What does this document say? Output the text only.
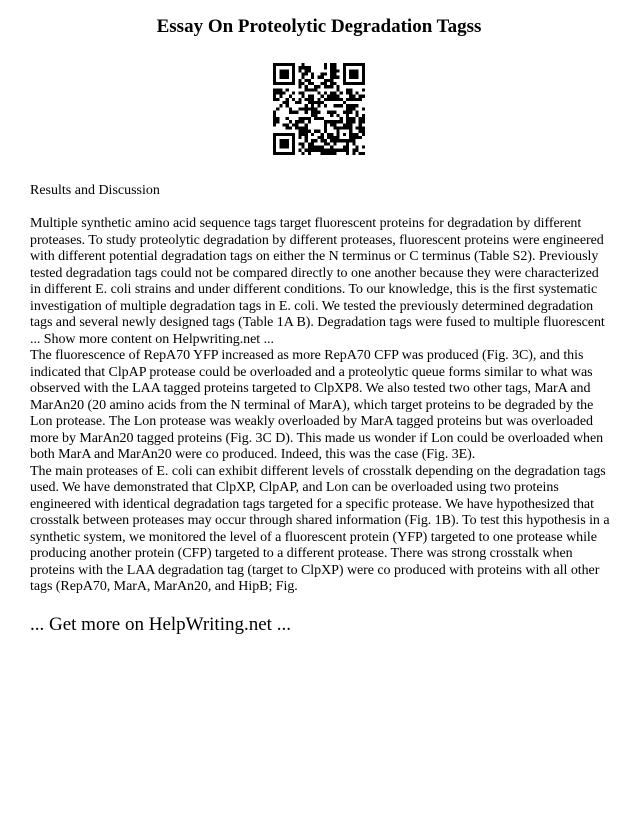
Essay On Proteolytic Degradation Tagss
Results and Discussion

Multiple synthetic amino acid sequence tags target fluorescent proteins for degradation by different proteases. To study proteolytic degradation by different proteases, fluorescent proteins were engineered with different potential degradation tags on either the N terminus or C terminus (Table S2). Previously tested degradation tags could not be compared directly to one another because they were characterized in different E. coli strains and under different conditions. To our knowledge, this is the first systematic investigation of multiple degradation tags in E. coli. We tested the previously determined degradation tags and several newly designed tags (Table 1A B). Degradation tags were fused to multiple fluorescent ... Show more content on Helpwriting.net ...

The fluorescence of RepA70 YFP increased as more RepA70 CFP was produced (Fig. 3C), and this indicated that ClpAP protease could be overloaded and a proteolytic queue forms similar to what was observed with the LAA tagged proteins targeted to ClpXP8. We also tested two other tags, MarA and MarAn20 (20 amino acids from the N terminal of MarA), which target proteins to be degraded by the Lon protease. The Lon protease was weakly overloaded by MarA tagged proteins but was overloaded more by MarAn20 tagged proteins (Fig. 3C D). This made us wonder if Lon could be overloaded when both MarA and MarAn20 were co produced. Indeed, this was the case (Fig. 3E).

The main proteases of E. coli can exhibit different levels of crosstalk depending on the degradation tags used. We have demonstrated that ClpXP, ClpAP, and Lon can be overloaded using two proteins engineered with identical degradation tags targeted for a specific protease. We have hypothesized that crosstalk between proteases may occur through shared information (Fig. 1B). To test this hypothesis in a synthetic system, we monitored the level of a fluorescent protein (YFP) targeted to one protease while producing another protein (CFP) targeted to a different protease. There was strong crosstalk when proteins with the LAA degradation tag (target to ClpXP) were co produced with proteins with all other tags (RepA70, MarA, MarAn20, and HipB; Fig.

... Get more on HelpWriting.net ...
